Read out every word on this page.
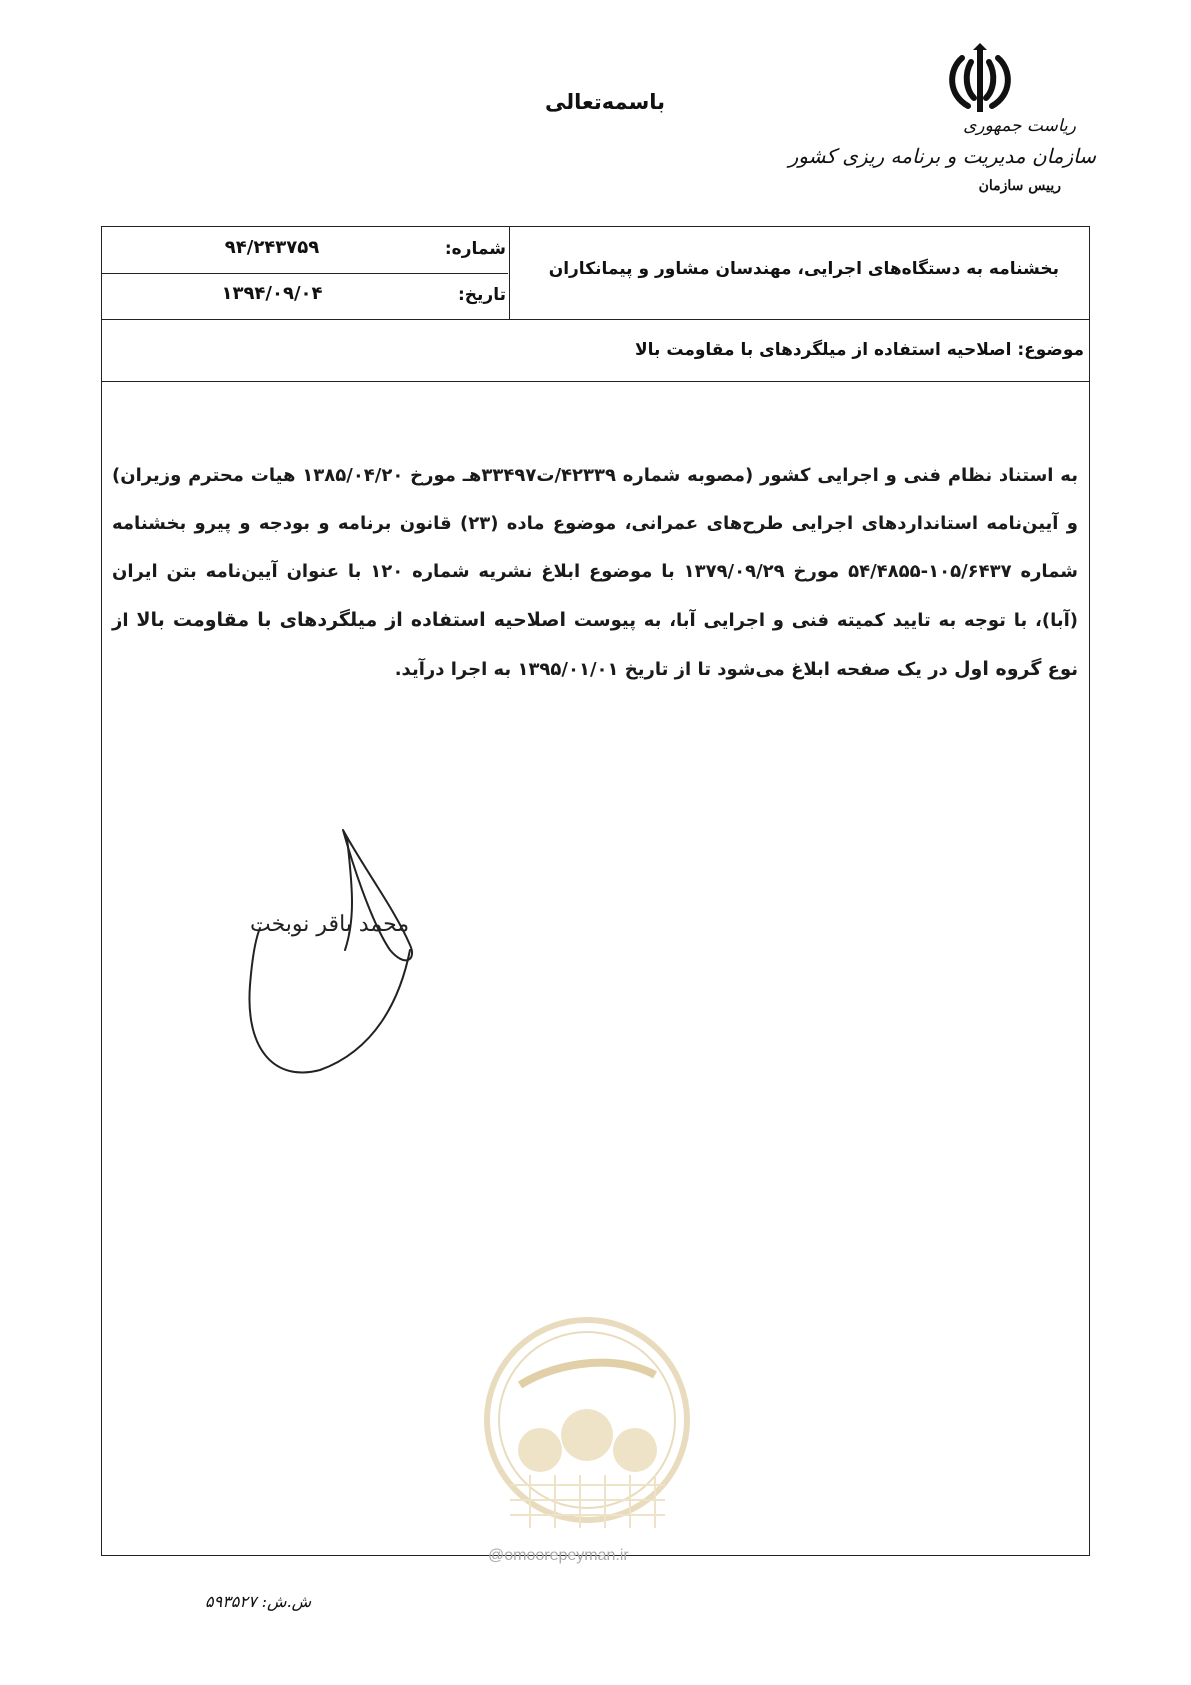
باسمه‌تعالی
ریاست جمهوری
سازمان مدیریت و برنامه ریزی کشور
رییس سازمان
شماره:
۹۴/۲۴۳۷۵۹
تاریخ:
۱۳۹۴/۰۹/۰۴
بخشنامه به دستگاه‌های اجرایی، مهندسان مشاور و پیمانکاران
موضوع: اصلاحیه استفاده از میلگردهای با مقاومت بالا
به استناد نظام فنی و اجرایی کشور (مصوبه شماره ۴۲۳۳۹/ت۳۳۴۹۷هـ مورخ ۱۳۸۵/۰۴/۲۰ هیات محترم وزیران) و آیین‌نامه استانداردهای اجرایی طرح‌های عمرانی، موضوع ماده (۲۳) قانون برنامه و بودجه و پیرو بخشنامه شماره ۱۰۵/۶۴۳۷-۵۴/۴۸۵۵ مورخ ۱۳۷۹/۰۹/۲۹ با موضوع ابلاغ نشریه شماره ۱۲۰ با عنوان آیین‌نامه بتن ایران (آبا)، با توجه به تایید کمیته فنی و اجرایی آبا، به پیوست اصلاحیه استفاده از میلگردهای با مقاومت بالا از نوع گروه اول در یک صفحه ابلاغ می‌شود تا از تاریخ ۱۳۹۵/۰۱/۰۱ به اجرا درآید.
محمد باقر نوبخت
@omoorepeyman.ir
ش.ش: ۵۹۳۵۲۷
